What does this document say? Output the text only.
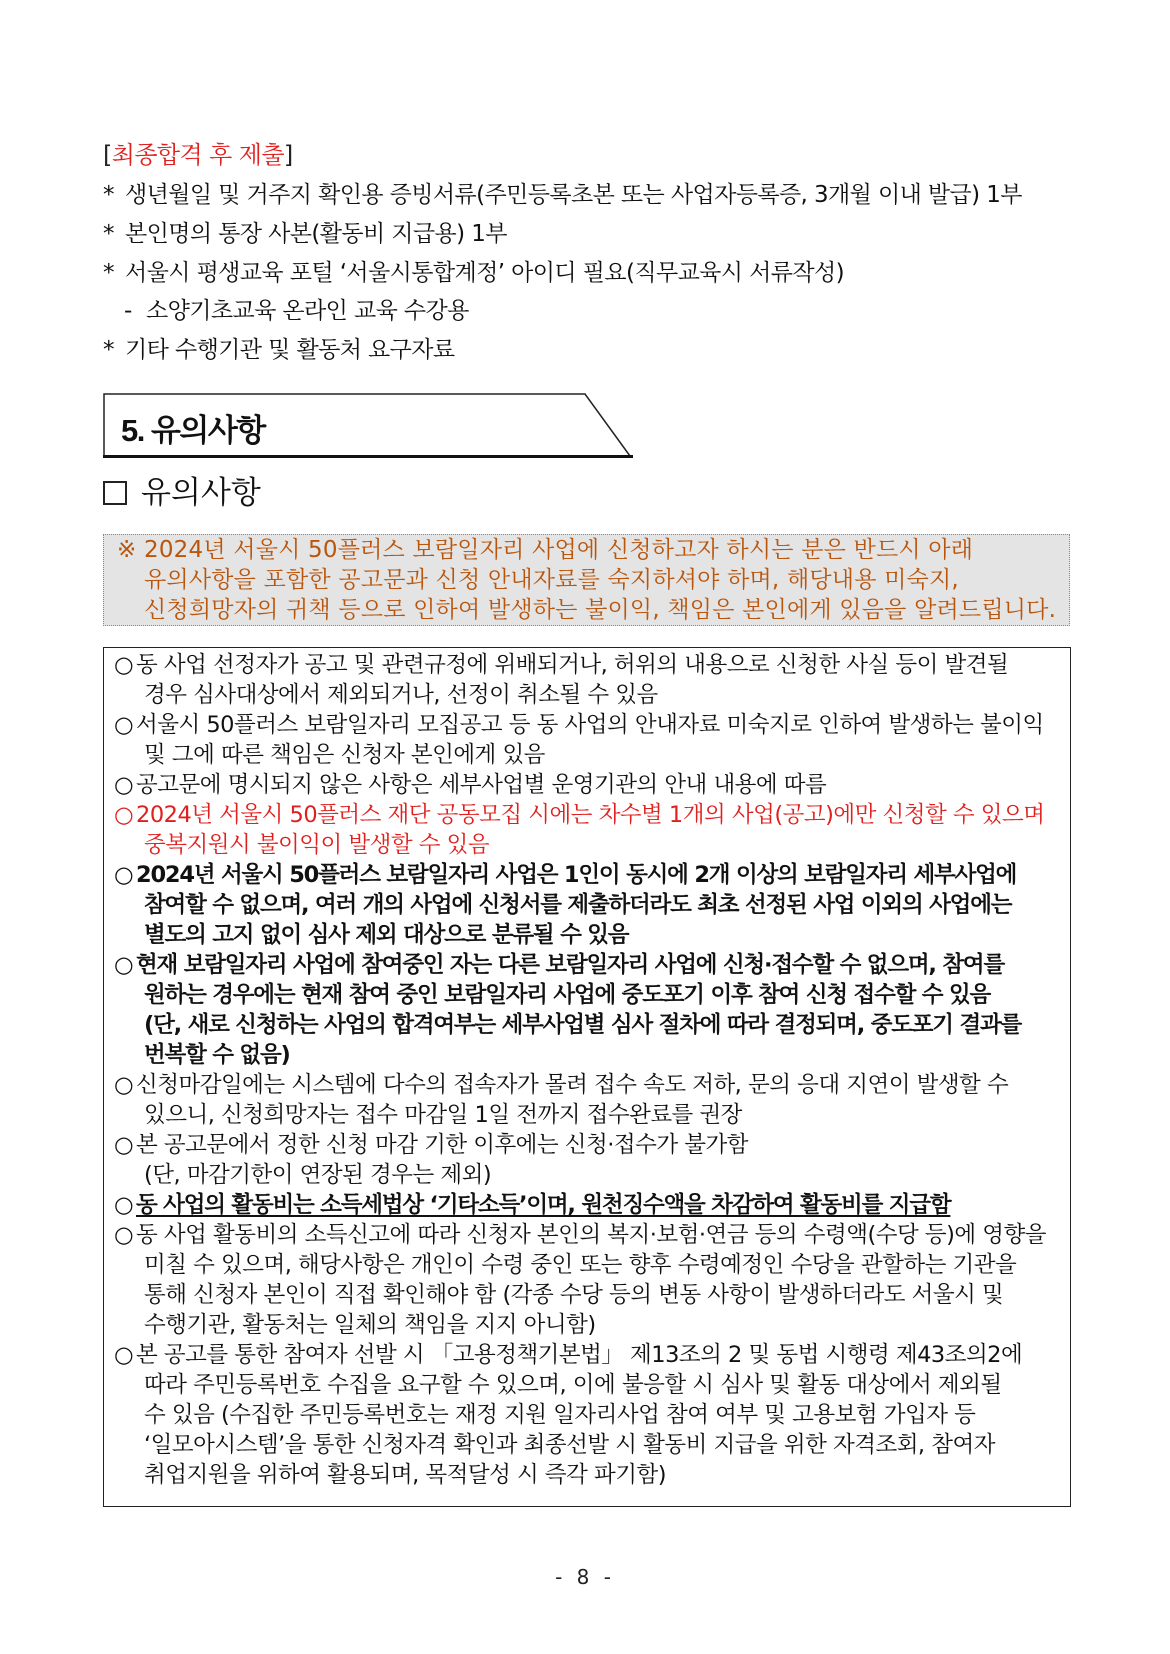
[최종합격 후 제출]
* 생년월일 및 거주지 확인용 증빙서류(주민등록초본 또는 사업자등록증, 3개월 이내 발급) 1부
* 본인명의 통장 사본(활동비 지급용) 1부
* 서울시 평생교육 포털 ‘서울시통합계정’ 아이디 필요(직무교육시 서류작성)
- 소양기초교육 온라인 교육 수강용
* 기타 수행기관 및 활동처 요구자료
5. 유의사항
유의사항
※ 2024년 서울시 50플러스 보람일자리 사업에 신청하고자 하시는 분은 반드시 아래
유의사항을 포함한 공고문과 신청 안내자료를 숙지하셔야 하며, 해당내용 미숙지,
신청희망자의 귀책 등으로 인하여 발생하는 불이익, 책임은 본인에게 있음을 알려드립니다.
○ 동 사업 선정자가 공고 및 관련규정에 위배되거나, 허위의 내용으로 신청한 사실 등이 발견될
경우 심사대상에서 제외되거나, 선정이 취소될 수 있음
○ 서울시 50플러스 보람일자리 모집공고 등 동 사업의 안내자료 미숙지로 인하여 발생하는 불이익
및 그에 따른 책임은 신청자 본인에게 있음
○ 공고문에 명시되지 않은 사항은 세부사업별 운영기관의 안내 내용에 따름
○ 2024년 서울시 50플러스 재단 공동모집 시에는 차수별 1개의 사업(공고)에만 신청할 수 있으며
중복지원시 불이익이 발생할 수 있음
○ 2024년 서울시 50플러스 보람일자리 사업은 1인이 동시에 2개 이상의 보람일자리 세부사업에
참여할 수 없으며, 여러 개의 사업에 신청서를 제출하더라도 최초 선정된 사업 이외의 사업에는
별도의 고지 없이 심사 제외 대상으로 분류될 수 있음
○ 현재 보람일자리 사업에 참여중인 자는 다른 보람일자리 사업에 신청·접수할 수 없으며, 참여를
원하는 경우에는 현재 참여 중인 보람일자리 사업에 중도포기 이후 참여 신청 접수할 수 있음
(단, 새로 신청하는 사업의 합격여부는 세부사업별 심사 절차에 따라 결정되며, 중도포기 결과를
번복할 수 없음)
○ 신청마감일에는 시스템에 다수의 접속자가 몰려 접수 속도 저하, 문의 응대 지연이 발생할 수
있으니, 신청희망자는 접수 마감일 1일 전까지 접수완료를 권장
○ 본 공고문에서 정한 신청 마감 기한 이후에는 신청·접수가 불가함
(단, 마감기한이 연장된 경우는 제외)
○ 동 사업의 활동비는 소득세법상 ‘기타소득’이며, 원천징수액을 차감하여 활동비를 지급함
○ 동 사업 활동비의 소득신고에 따라 신청자 본인의 복지·보험·연금 등의 수령액(수당 등)에 영향을
미칠 수 있으며, 해당사항은 개인이 수령 중인 또는 향후 수령예정인 수당을 관할하는 기관을
통해 신청자 본인이 직접 확인해야 함 (각종 수당 등의 변동 사항이 발생하더라도 서울시 및
수행기관, 활동처는 일체의 책임을 지지 아니함)
○ 본 공고를 통한 참여자 선발 시 「고용정책기본법」 제13조의 2 및 동법 시행령 제43조의2에
따라 주민등록번호 수집을 요구할 수 있으며, 이에 불응할 시 심사 및 활동 대상에서 제외될
수 있음 (수집한 주민등록번호는 재정 지원 일자리사업 참여 여부 및 고용보험 가입자 등
‘일모아시스템’을 통한 신청자격 확인과 최종선발 시 활동비 지급을 위한 자격조회, 참여자
취업지원을 위하여 활용되며, 목적달성 시 즉각 파기함)
- 8 -
